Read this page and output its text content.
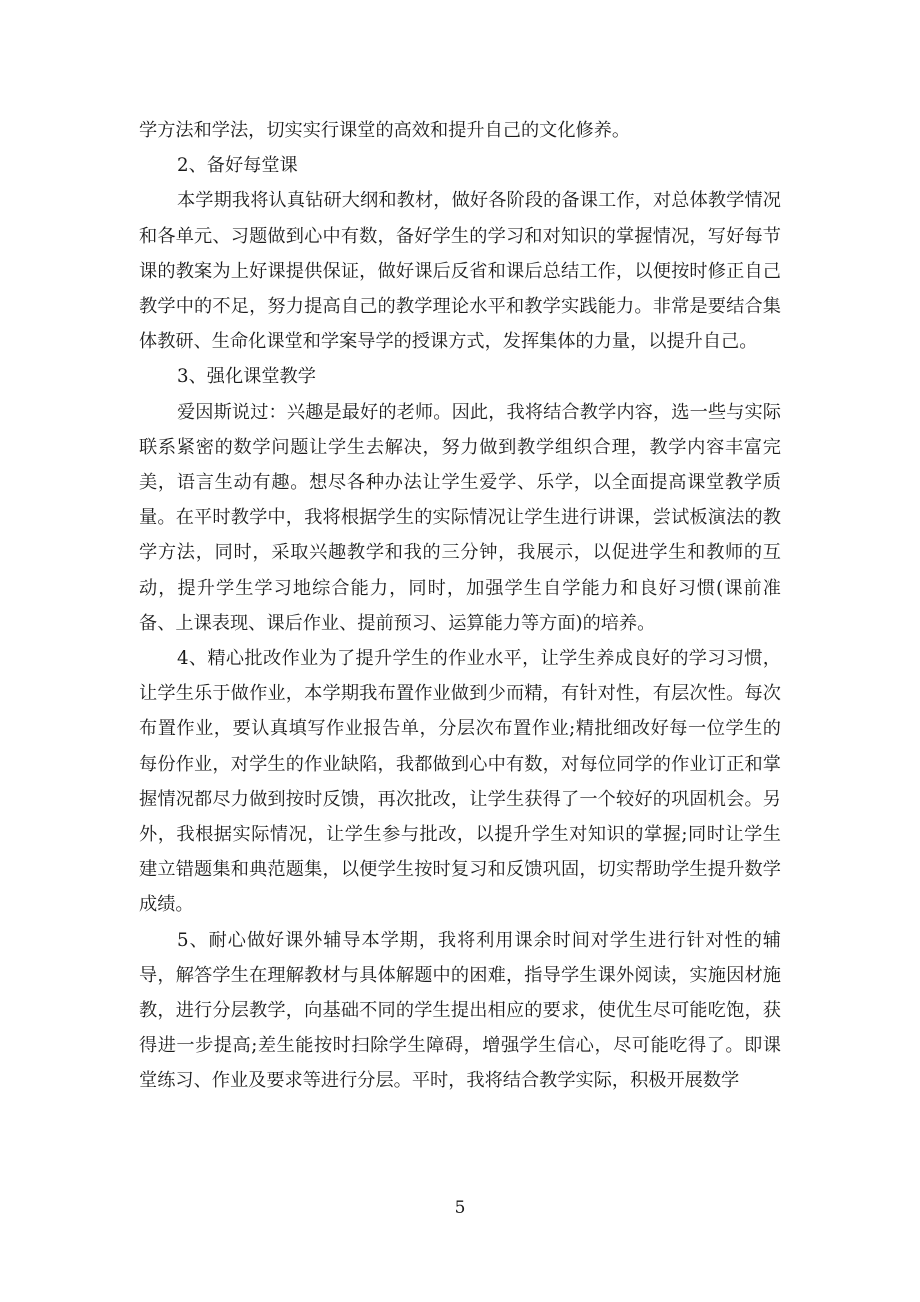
学方法和学法，切实实行课堂的高效和提升自己的文化修养。

2、备好每堂课

本学期我将认真钻研大纲和教材，做好各阶段的备课工作，对总体教学情况和各单元、习题做到心中有数，备好学生的学习和对知识的掌握情况，写好每节课的教案为上好课提供保证，做好课后反省和课后总结工作，以便按时修正自己教学中的不足，努力提高自己的教学理论水平和教学实践能力。非常是要结合集体教研、生命化课堂和学案导学的授课方式，发挥集体的力量，以提升自己。

3、强化课堂教学

爱因斯说过：兴趣是最好的老师。因此，我将结合教学内容，选一些与实际联系紧密的数学问题让学生去解决，努力做到教学组织合理，教学内容丰富完美，语言生动有趣。想尽各种办法让学生爱学、乐学，以全面提高课堂教学质量。在平时教学中，我将根据学生的实际情况让学生进行讲课，尝试板演法的教学方法，同时，采取兴趣教学和我的三分钟，我展示，以促进学生和教师的互动，提升学生学习地综合能力，同时，加强学生自学能力和良好习惯(课前准备、上课表现、课后作业、提前预习、运算能力等方面)的培养。

4、精心批改作业为了提升学生的作业水平，让学生养成良好的学习习惯，让学生乐于做作业，本学期我布置作业做到少而精，有针对性，有层次性。每次布置作业，要认真填写作业报告单，分层次布置作业;精批细改好每一位学生的每份作业，对学生的作业缺陷，我都做到心中有数，对每位同学的作业订正和掌握情况都尽力做到按时反馈，再次批改，让学生获得了一个较好的巩固机会。另外，我根据实际情况，让学生参与批改，以提升学生对知识的掌握;同时让学生建立错题集和典范题集，以便学生按时复习和反馈巩固，切实帮助学生提升数学成绩。

5、耐心做好课外辅导本学期，我将利用课余时间对学生进行针对性的辅导，解答学生在理解教材与具体解题中的困难，指导学生课外阅读，实施因材施教，进行分层教学，向基础不同的学生提出相应的要求，使优生尽可能吃饱，获得进一步提高;差生能按时扫除学生障碍，增强学生信心，尽可能吃得了。即课堂练习、作业及要求等进行分层。平时，我将结合教学实际，积极开展数学

5
